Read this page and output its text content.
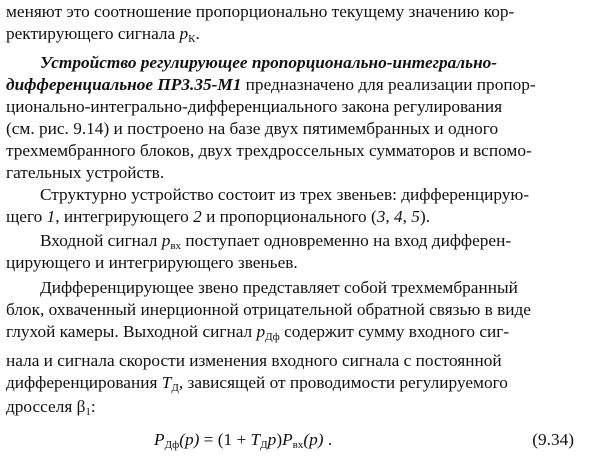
меняют это соотношение пропорционально текущему значению кор-
ректирующего сигнала $p_К$.
Устройство регулирующее пропорционально-интегрально-
дифференциальное ПР3.35-М1 предназначено для реализации пропор-
ционально-интегрально-дифференциального закона регулирования
(см. рис. 9.14) и построено на базе двух пятимембранных и одного
трехмембранного блоков, двух трехдроссельных сумматоров и вспомо-
гательных устройств.
Структурно устройство состоит из трех звеньев: дифференцирую-
щего 1, интегрирующего 2 и пропорционального (3, 4, 5).
Входной сигнал $p_{вх}$ поступает одновременно на вход дифферен-
цирующего и интегрирующего звеньев.
Дифференцирующее звено представляет собой трехмембранный
блок, охваченный инерционной отрицательной обратной связью в виде
глухой камеры. Выходной сигнал $p_{Дф}$ содержит сумму входного сиг-
нала и сигнала скорости изменения входного сигнала с постоянной
дифференцирования $T_Д$, зависящей от проводимости регулируемого
дросселя $\beta_1$:
$P_{Дф}(p) = (1 + T_Дp)P_{вх}(p)$ .	(9.34)
